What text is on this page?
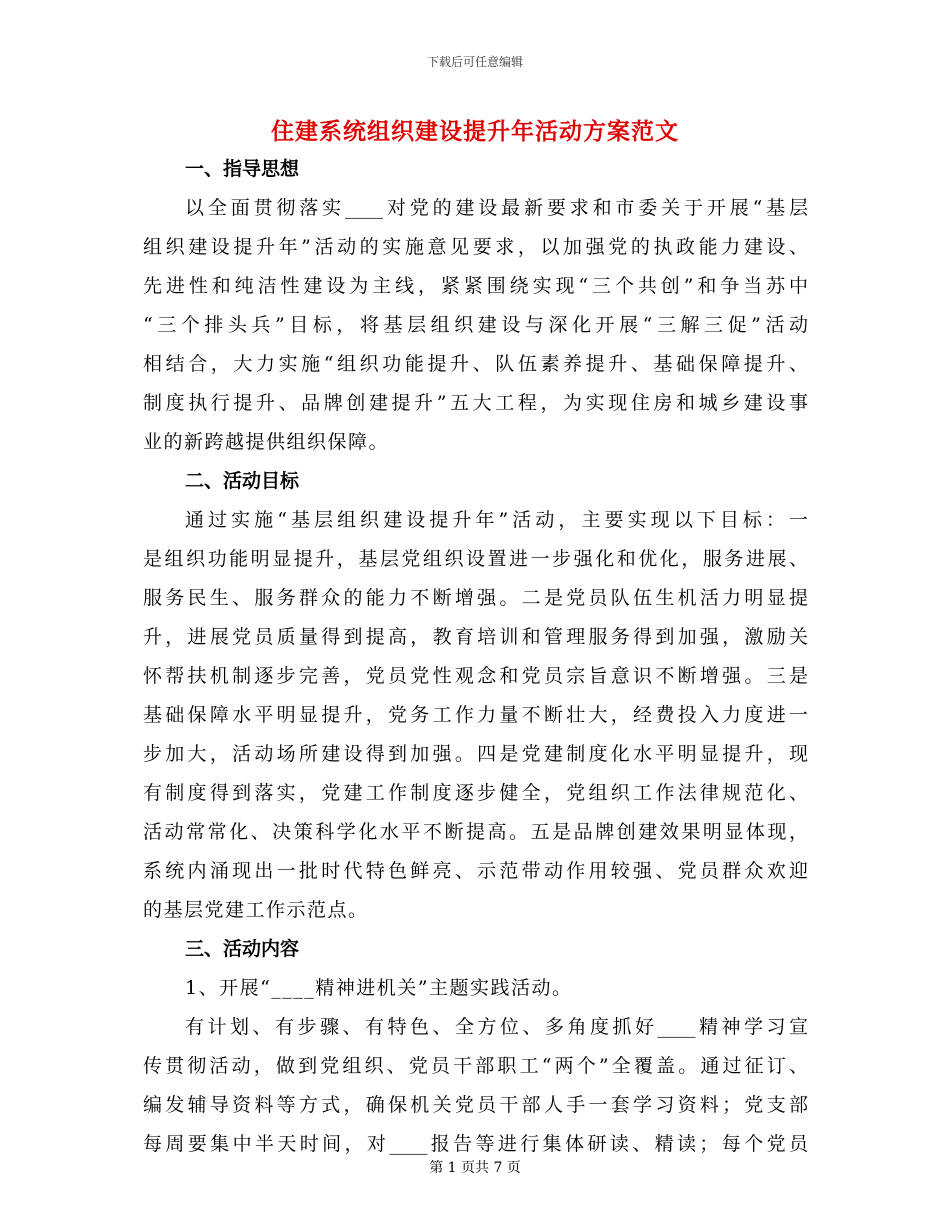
下载后可任意编辑
住建系统组织建设提升年活动方案范文
一、指导思想

以全面贯彻落实____对党的建设最新要求和市委关于开展“基层
组织建设提升年”活动的实施意见要求，以加强党的执政能力建设、
先进性和纯洁性建设为主线，紧紧围绕实现“三个共创”和争当苏中
“三个排头兵”目标，将基层组织建设与深化开展“三解三促”活动
相结合，大力实施“组织功能提升、队伍素养提升、基础保障提升、
制度执行提升、品牌创建提升”五大工程，为实现住房和城乡建设事
业的新跨越提供组织保障。

二、活动目标

通过实施“基层组织建设提升年”活动，主要实现以下目标：一
是组织功能明显提升，基层党组织设置进一步强化和优化，服务进展、
服务民生、服务群众的能力不断增强。二是党员队伍生机活力明显提
升，进展党员质量得到提高，教育培训和管理服务得到加强，激励关
怀帮扶机制逐步完善，党员党性观念和党员宗旨意识不断增强。三是
基础保障水平明显提升，党务工作力量不断壮大，经费投入力度进一
步加大，活动场所建设得到加强。四是党建制度化水平明显提升，现
有制度得到落实，党建工作制度逐步健全，党组织工作法律规范化、
活动常常化、决策科学化水平不断提高。五是品牌创建效果明显体现，
系统内涌现出一批时代特色鲜亮、示范带动作用较强、党员群众欢迎
的基层党建工作示范点。

三、活动内容

1、开展“____精神进机关”主题实践活动。

有计划、有步骤、有特色、全方位、多角度抓好____精神学习宣
传贯彻活动，做到党组织、党员干部职工“两个”全覆盖。通过征订、
编发辅导资料等方式，确保机关党员干部人手一套学习资料；党支部
每周要集中半天时间，对____报告等进行集体研读、精读；每个党员

第 1 页共 7 页
